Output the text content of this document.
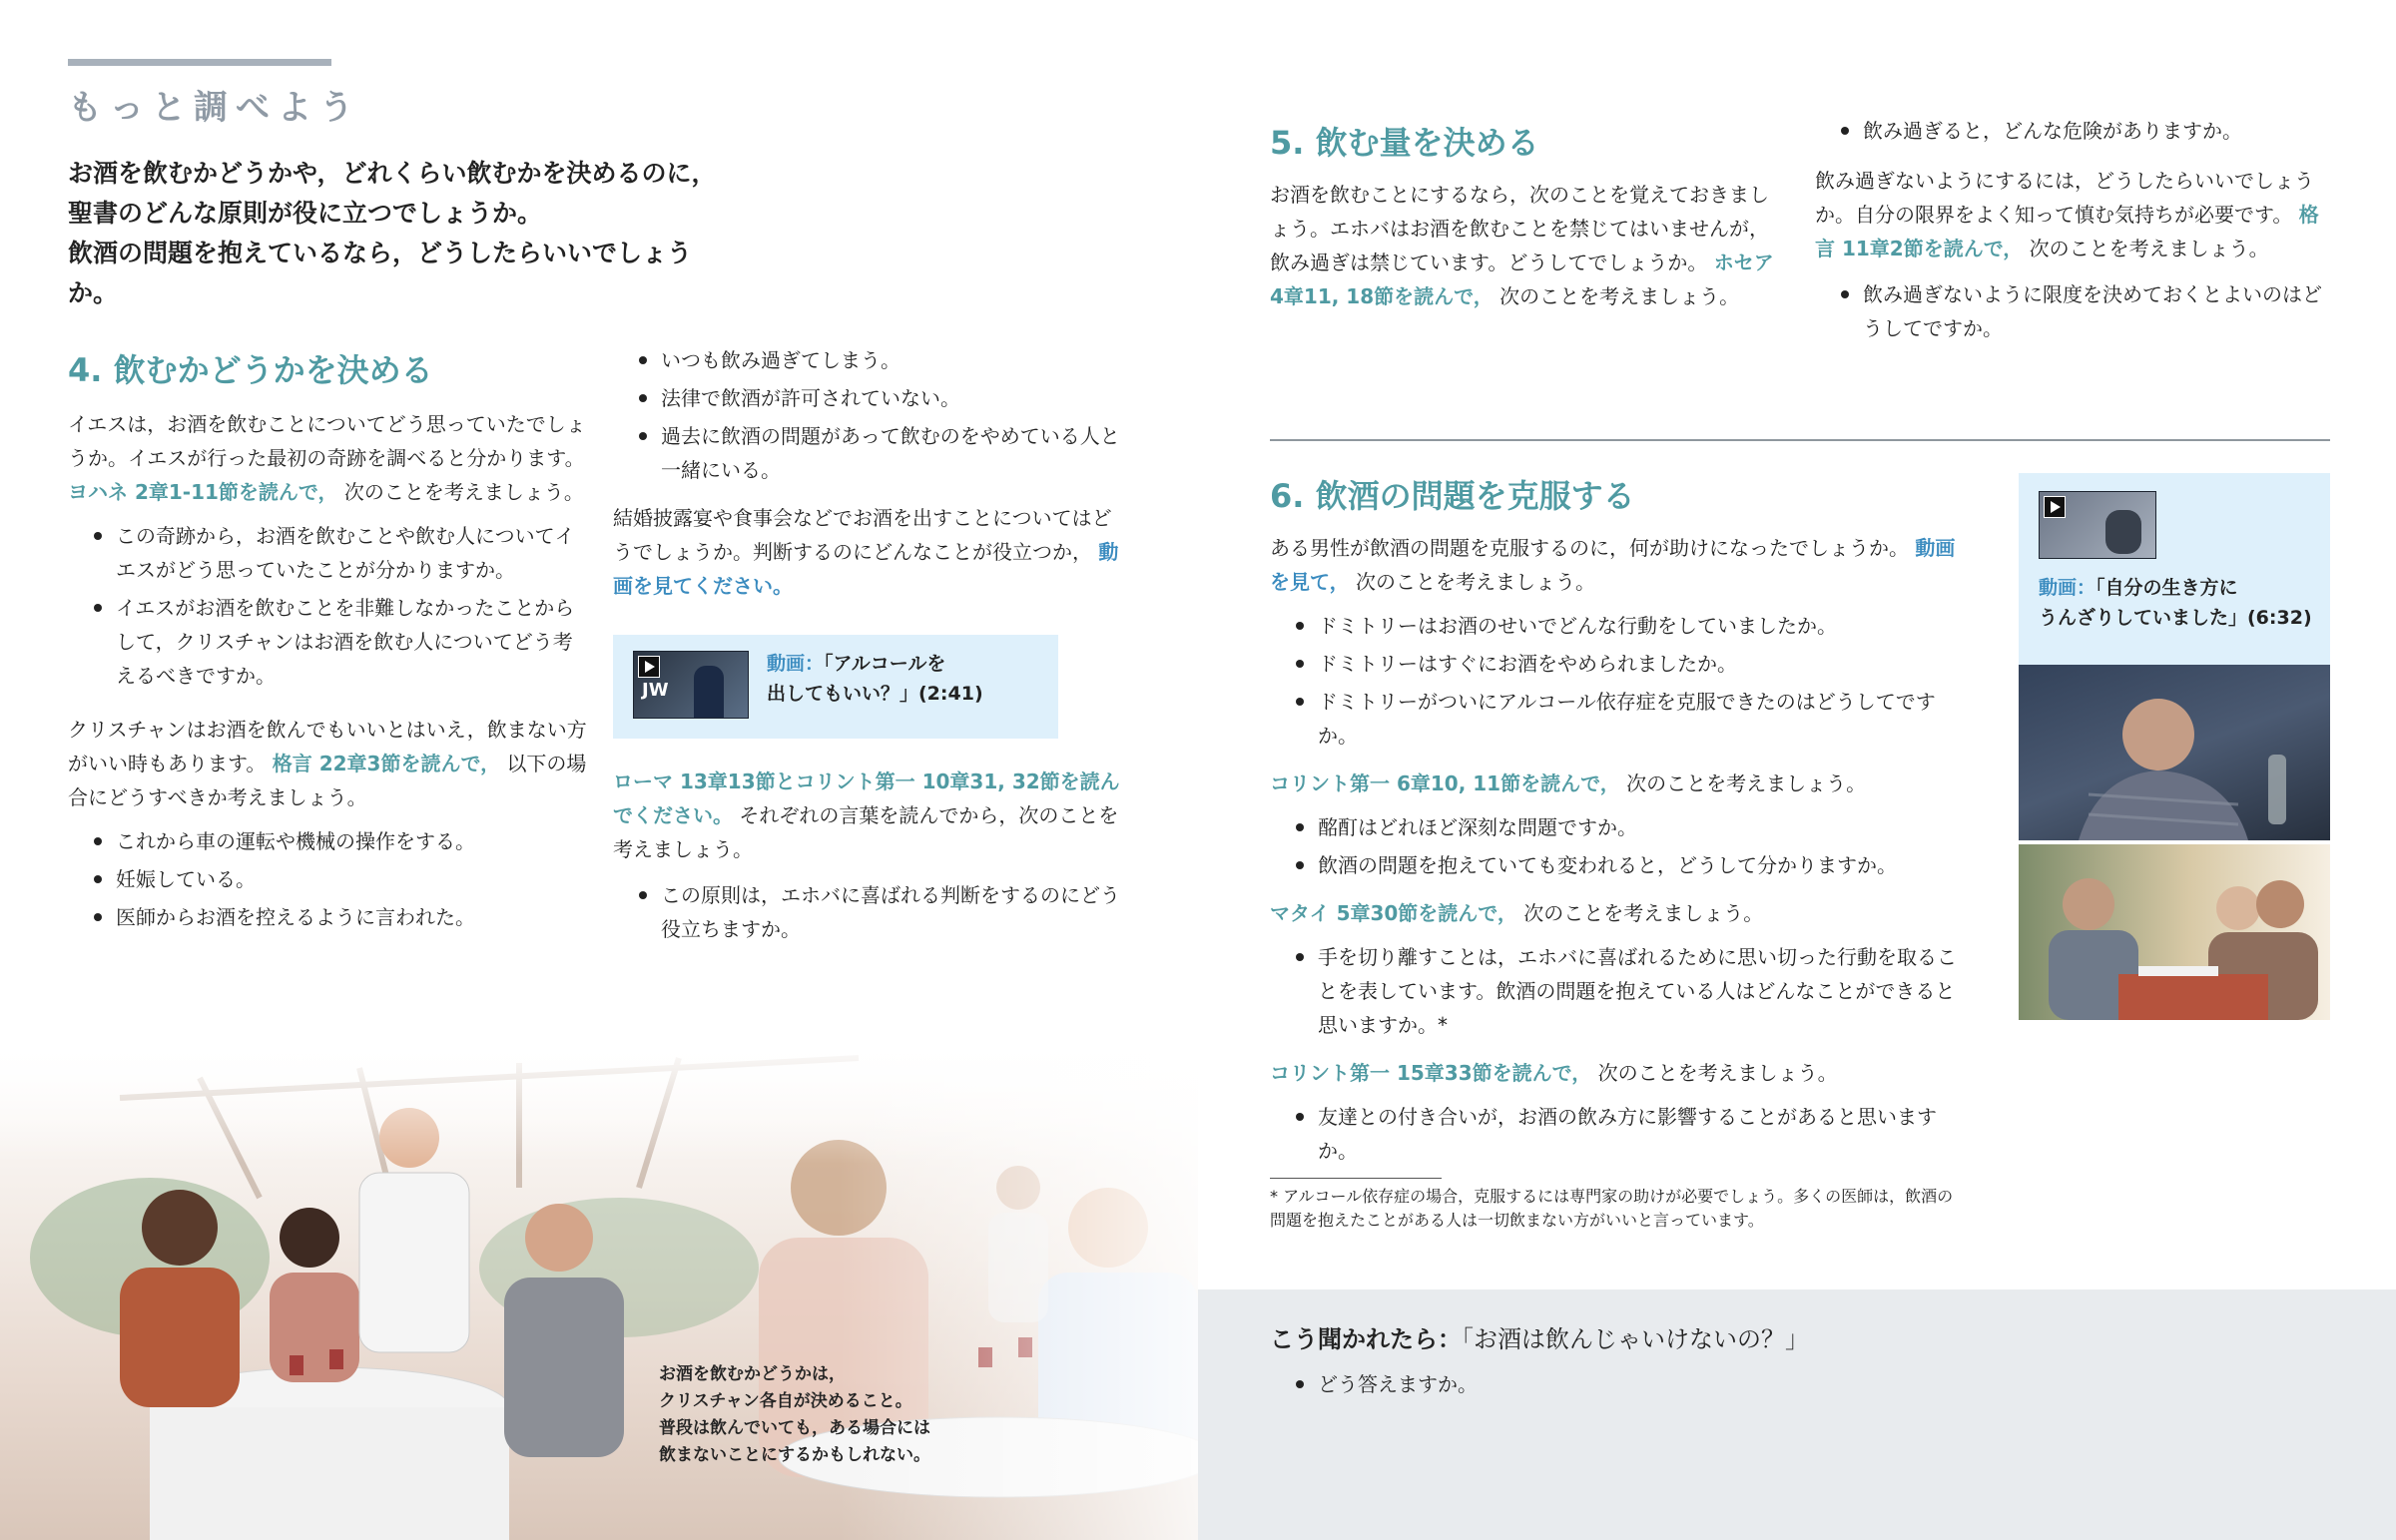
もっと調べよう
お酒を飲むかどうかや，どれくらい飲むかを決めるのに，
聖書のどんな原則が役に立つでしょうか。
飲酒の問題を抱えているなら，どうしたらいいでしょうか。
4. 飲むかどうかを決める

イエスは，お酒を飲むことについてどう思っていたでしょうか。イエスが行った最初の奇跡を調べると分かります。 ヨハネ 2章1-11節を読んで， 次のことを考えましょう。

この奇跡から，お酒を飲むことや飲む人についてイエスがどう思っていたことが分かりますか。
イエスがお酒を飲むことを非難しなかったことからして，クリスチャンはお酒を飲む人についてどう考えるべきですか。

クリスチャンはお酒を飲んでもいいとはいえ，飲まない方がいい時もあります。 格言 22章3節を読んで， 以下の場合にどうすべきか考えましょう。

これから車の運転や機械の操作をする。
妊娠している。
医師からお酒を控えるように言われた。
いつも飲み過ぎてしまう。
法律で飲酒が許可されていない。
過去に飲酒の問題があって飲むのをやめている人と一緒にいる。

結婚披露宴や食事会などでお酒を出すことについてはどうでしょうか。判断するのにどんなことが役立つか， 動画を見てください。

JW
動画：「アルコールを
出してもいい？」(2:41)

ローマ 13章13節とコリント第一 10章31, 32節を読んでください。 それぞれの言葉を読んでから，次のことを考えましょう。

この原則は，エホバに喜ばれる判断をするのにどう役立ちますか。
お酒を飲むかどうかは，
クリスチャン各自が決めること。
普段は飲んでいても，ある場合には
飲まないことにするかもしれない。
5. 飲む量を決める

お酒を飲むことにするなら，次のことを覚えておきましょう。エホバはお酒を飲むことを禁じてはいませんが，飲み過ぎは禁じています。どうしてでしょうか。 ホセア 4章11, 18節を読んで， 次のことを考えましょう。

飲み過ぎると，どんな危険がありますか。

飲み過ぎないようにするには，どうしたらいいでしょうか。自分の限界をよく知って慎む気持ちが必要です。 格言 11章2節を読んで， 次のことを考えましょう。

飲み過ぎないように限度を決めておくとよいのはどうしてですか。
6. 飲酒の問題を克服する

ある男性が飲酒の問題を克服するのに，何が助けになったでしょうか。 動画を見て， 次のことを考えましょう。

ドミトリーはお酒のせいでどんな行動をしていましたか。
ドミトリーはすぐにお酒をやめられましたか。
ドミトリーがついにアルコール依存症を克服できたのはどうしてですか。

コリント第一 6章10, 11節を読んで， 次のことを考えましょう。

酩酊はどれほど深刻な問題ですか。
飲酒の問題を抱えていても変われると，どうして分かりますか。

マタイ 5章30節を読んで， 次のことを考えましょう。

手を切り離すことは，エホバに喜ばれるために思い切った行動を取ることを表しています。飲酒の問題を抱えている人はどんなことができると思いますか。*

コリント第一 15章33節を読んで， 次のことを考えましょう。

友達との付き合いが，お酒の飲み方に影響することがあると思いますか。

* アルコール依存症の場合，克服するには専門家の助けが必要でしょう。多くの医師は，飲酒の問題を抱えたことがある人は一切飲まない方がいいと言っています。

動画：「自分の生き方に
うんざりしていました」(6:32)
こう聞かれたら：「お酒は飲んじゃいけないの？」
どう答えますか。
